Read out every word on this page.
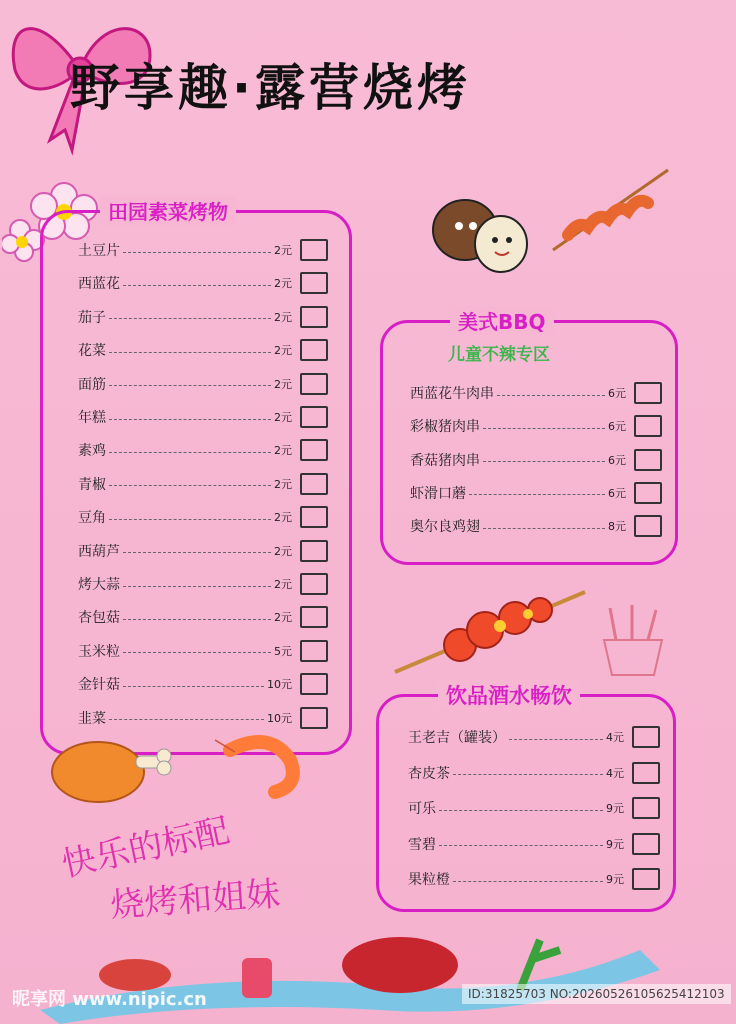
野享趣·露营烧烤
田园素菜烤物
土豆片	2元
西蓝花	2元
茄子	2元
花菜	2元
面筋	2元
年糕	2元
素鸡	2元
青椒	2元
豆角	2元
西葫芦	2元
烤大蒜	2元
杏包菇	2元
玉米粒	5元
金针菇	10元
韭菜	10元
美式BBQ
儿童不辣专区
西蓝花牛肉串	6元
彩椒猪肉串	6元
香菇猪肉串	6元
虾滑口蘑	6元
奥尔良鸡翅	8元
饮品酒水畅饮
王老吉（罐装）	4元
杏皮茶	4元
可乐	9元
雪碧	9元
果粒橙	9元
快乐的标配
烧烤和姐妹
昵享网 www.nipic.cn	ID:31825703 NO:20260526105625412103
